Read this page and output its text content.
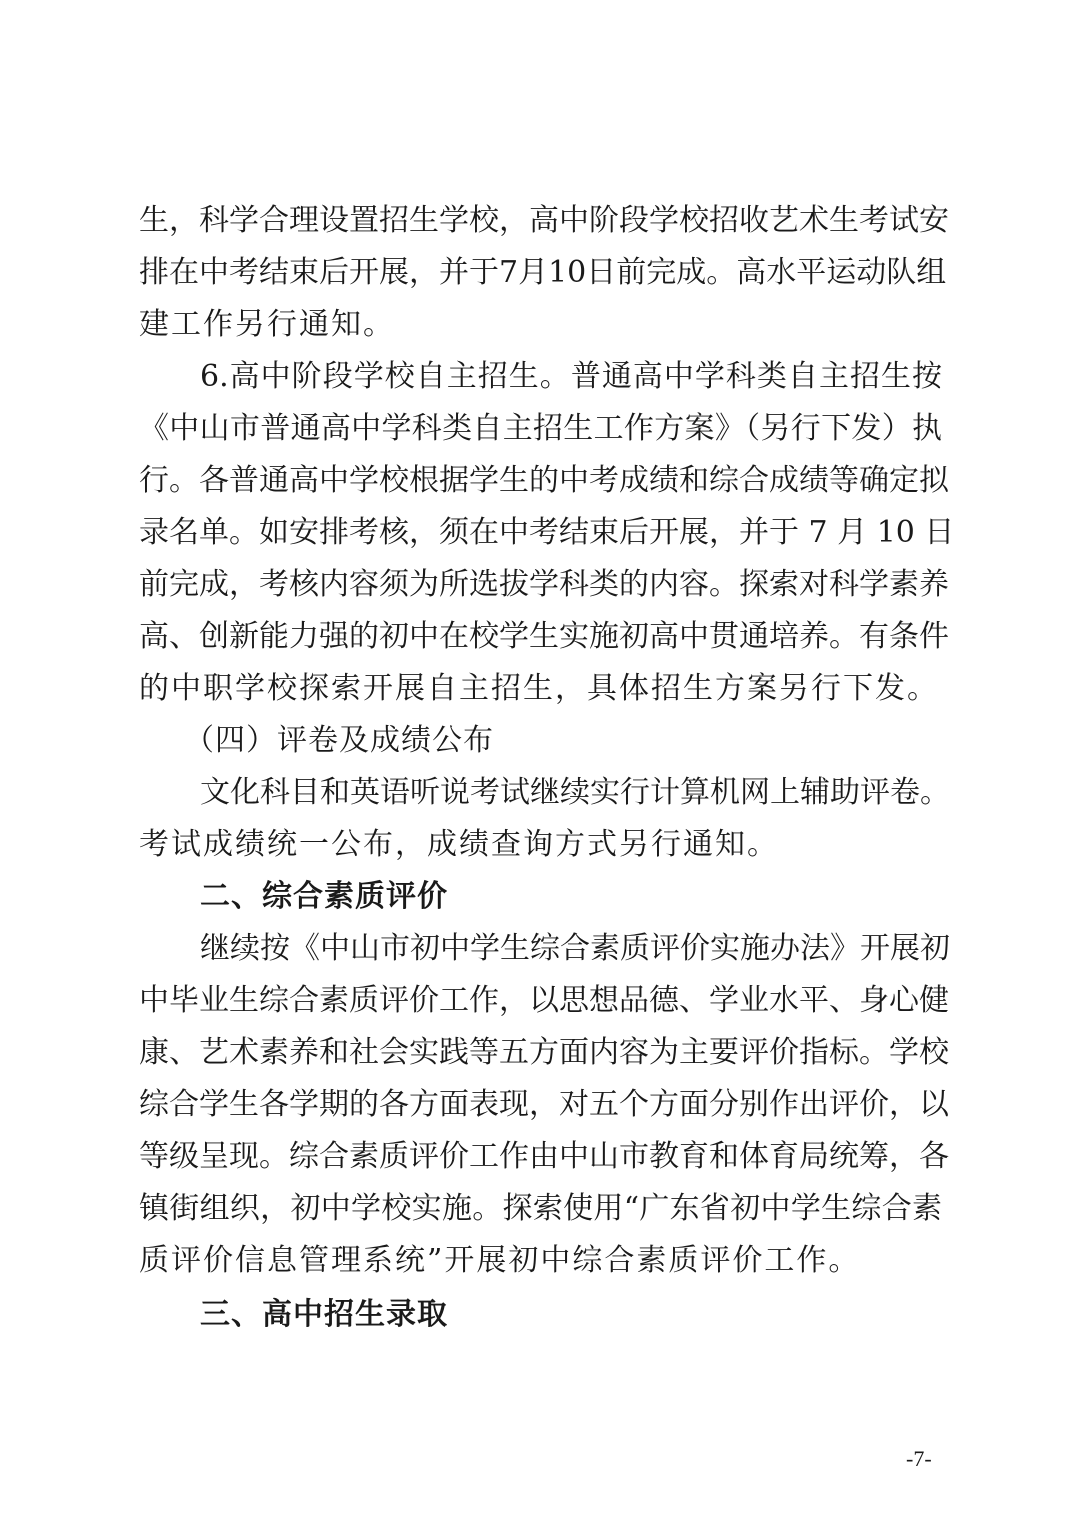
生，科学合理设置招生学校，高中阶段学校招收艺术生考试安
排在中考结束后开展，并于7月10日前完成。高水平运动队组
建工作另行通知。
6.高中阶段学校自主招生。普通高中学科类自主招生按
《中山市普通高中学科类自主招生工作方案》（另行下发）执
行。各普通高中学校根据学生的中考成绩和综合成绩等确定拟
录名单。如安排考核，须在中考结束后开展，并于 7 月 10 日
前完成，考核内容须为所选拔学科类的内容。探索对科学素养
高、创新能力强的初中在校学生实施初高中贯通培养。有条件
的中职学校探索开展自主招生，具体招生方案另行下发。
（四）评卷及成绩公布
文化科目和英语听说考试继续实行计算机网上辅助评卷。
考试成绩统一公布，成绩查询方式另行通知。
二、综合素质评价
继续按《中山市初中学生综合素质评价实施办法》开展初
中毕业生综合素质评价工作，以思想品德、学业水平、身心健
康、艺术素养和社会实践等五方面内容为主要评价指标。学校
综合学生各学期的各方面表现，对五个方面分别作出评价，以
等级呈现。综合素质评价工作由中山市教育和体育局统筹，各
镇街组织，初中学校实施。探索使用“广东省初中学生综合素
质评价信息管理系统”开展初中综合素质评价工作。
三、高中招生录取
-7-
